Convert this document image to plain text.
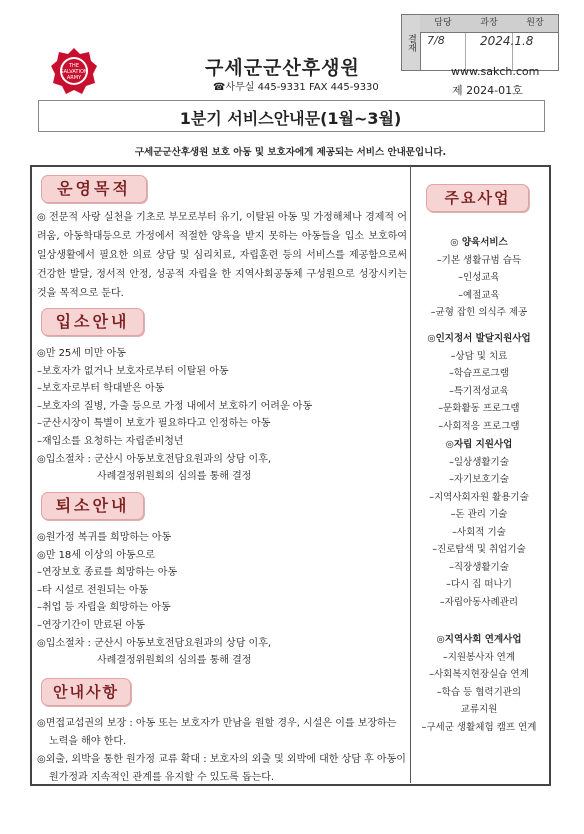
THE
SALVATION
ARMY	구세군군산후생원
☎사무실 445-9331 FAX 445-9330
결재
담당	과장	원장
7/8	2024.1.8
www.sakch.com
제 2024-01호
1분기 서비스안내문(1월~3월)
구세군군산후생원 보호 아동 및 보호자에게 제공되는 서비스 안내문입니다.
운영목적
◎ 전문적 사랑 실천을 기초로 부모로부터 유기, 이탈된 아동 및 가정해체나 경제적 어려움, 아동학대등으로 가정에서 적절한 양육을 받지 못하는 아동들을 입소 보호하여 일상생활에서 필요한 의료 상담 및 심리치료, 자립훈련 등의 서비스를 제공함으로써 건강한 발달, 정서적 안정, 성공적 자립을 한 지역사회공동체 구성원으로 성장시키는 것을 목적으로 둔다.
입소안내
◎만 25세 미만 아동
–보호자가 없거나 보호자로부터 이탈된 아동
–보호자로부터 학대받은 아동
–보호자의 질병, 가출 등으로 가정 내에서 보호하기 어려운 아동
–군산시장이 특별이 보호가 필요하다고 인정하는 아동
–재입소를 요청하는 자립준비청년
◎입소절차 : 군산시 아동보호전담요원과의 상담 이후,
사례결정위원회의 심의를 통해 결정
퇴소안내
◎원가정 복귀를 희망하는 아동
◎만 18세 이상의 아동으로
–연장보호 종료를 희망하는 아동
–타 시설로 전원되는 아동
–취업 등 자립을 희망하는 아동
–연장기간이 만료된 아동
◎입소절차 : 군산시 아동보호전담요원과의 상담 이후,
사례결정위원회의 심의를 통해 결정
안내사항
◎면접교섭권의 보장 : 아동 또는 보호자가 만남을 원할 경우, 시설은 이를 보장하는 노력을 해야 한다.
◎외출, 외박을 통한 원가정 교류 확대 : 보호자의 외출 및 외박에 대한 상담 후 아동이 원가정과 지속적인 관계를 유지할 수 있도록 돕는다.
주요사업
◎ 양육서비스
–기본 생활규범 습득
–인성교육
–예절교육
–균형 잡힌 의식주 제공
◎인지정서 발달지원사업
–상담 및 치료
–학습프로그램
–특기적성교육
–문화활동 프로그램
–사회적응 프로그램
◎자립 지원사업
–일상생활기술
–자기보호기술
–지역사회자원 활용기술
–돈 관리 기술
–사회적 기술
–진로탐색 및 취업기술
–직장생활기술
–다시 집 떠나기
–자립아동사례관리
◎지역사회 연계사업
–지원봉사자 연계
–사회복지현장실습 연계
–학습 등 협력기관의
교류지원
–구세군 생활체험 캠프 연계
